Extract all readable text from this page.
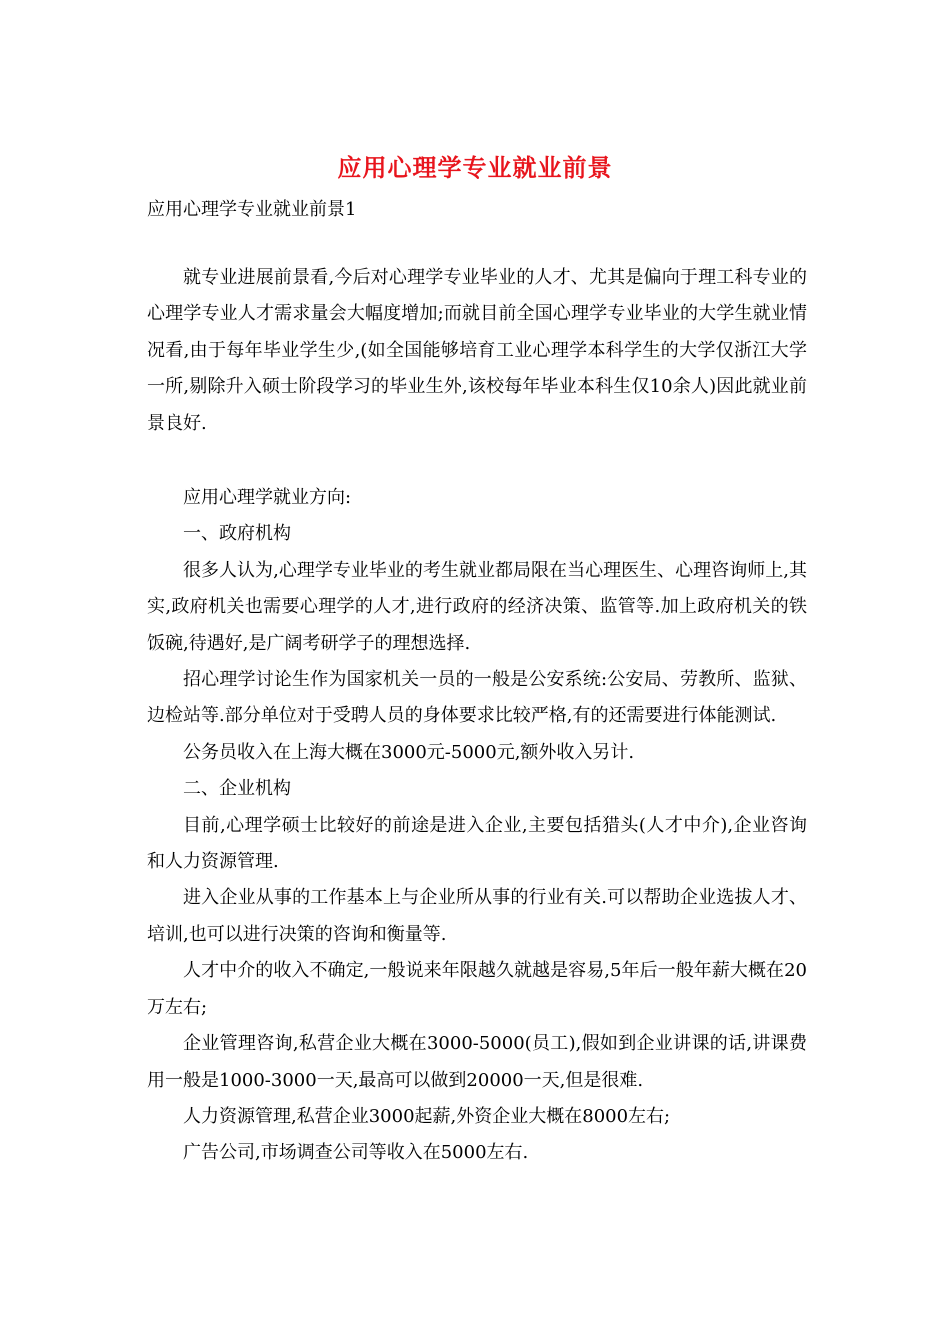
应用心理学专业就业前景
应用心理学专业就业前景1

就专业进展前景看,今后对心理学专业毕业的人才、尤其是偏向于理工科专业的心理学专业人才需求量会大幅度增加;而就目前全国心理学专业毕业的大学生就业情况看,由于每年毕业学生少,(如全国能够培育工业心理学本科学生的大学仅浙江大学一所,剔除升入硕士阶段学习的毕业生外,该校每年毕业本科生仅10余人)因此就业前景良好.

应用心理学就业方向:

一、政府机构

很多人认为,心理学专业毕业的考生就业都局限在当心理医生、心理咨询师上,其实,政府机关也需要心理学的人才,进行政府的经济决策、监管等.加上政府机关的铁饭碗,待遇好,是广阔考研学子的理想选择.

招心理学讨论生作为国家机关一员的一般是公安系统:公安局、劳教所、监狱、边检站等.部分单位对于受聘人员的身体要求比较严格,有的还需要进行体能测试.

公务员收入在上海大概在3000元-5000元,额外收入另计.

二、企业机构

目前,心理学硕士比较好的前途是进入企业,主要包括猎头(人才中介),企业咨询和人力资源管理.

进入企业从事的工作基本上与企业所从事的行业有关.可以帮助企业选拔人才、培训,也可以进行决策的咨询和衡量等.

人才中介的收入不确定,一般说来年限越久就越是容易,5年后一般年薪大概在20万左右;

企业管理咨询,私营企业大概在3000-5000(员工),假如到企业讲课的话,讲课费用一般是1000-3000一天,最高可以做到20000一天,但是很难.

人力资源管理,私营企业3000起薪,外资企业大概在8000左右;

广告公司,市场调查公司等收入在5000左右.
